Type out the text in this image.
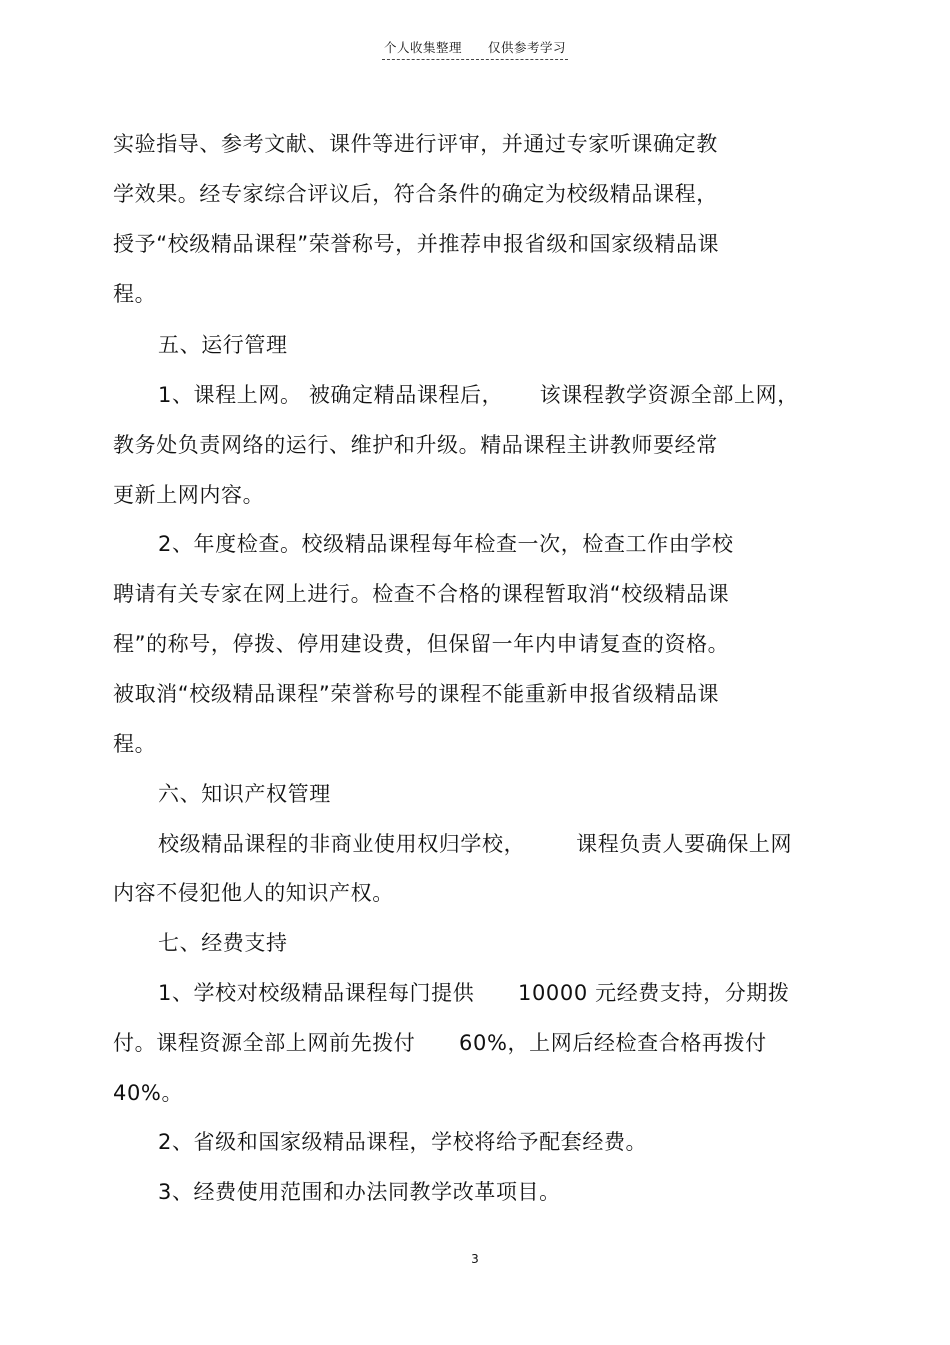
个人收集整理 仅供参考学习
实验指导、参考文献、课件等进行评审，并通过专家听课确定教
学效果。经专家综合评议后，符合条件的确定为校级精品课程，
授予“校级精品课程”荣誉称号，并推荐申报省级和国家级精品课
程。
五、运行管理
1、课程上网。 被确定精品课程后，     该课程教学资源全部上网，
教务处负责网络的运行、维护和升级。精品课程主讲教师要经常
更新上网内容。
2、年度检查。校级精品课程每年检查一次，检查工作由学校
聘请有关专家在网上进行。检查不合格的课程暂取消“校级精品课
程”的称号，停拨、停用建设费，但保留一年内申请复查的资格。
被取消“校级精品课程”荣誉称号的课程不能重新申报省级精品课
程。
六、知识产权管理
校级精品课程的非商业使用权归学校，       课程负责人要确保上网
内容不侵犯他人的知识产权。
七、经费支持
1、学校对校级精品课程每门提供      10000 元经费支持，分期拨
付。课程资源全部上网前先拨付      60%，上网后经检查合格再拨付
40%。
2、省级和国家级精品课程，学校将给予配套经费。
3、经费使用范围和办法同教学改革项目。
3
